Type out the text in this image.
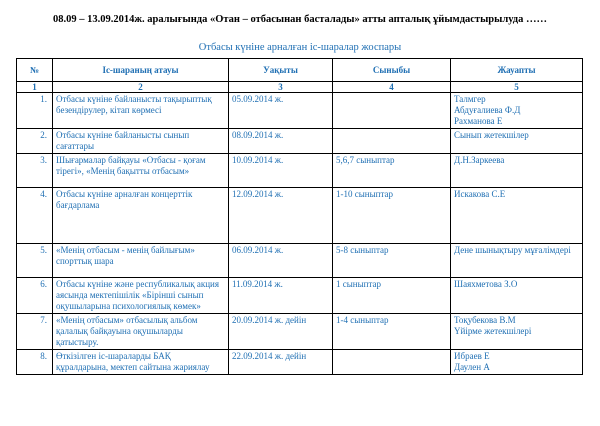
08.09 – 13.09.2014ж. аралығында «Отан – отбасынан басталады» атты апталық ұйымдастырылуда ……
Отбасы күніне арналған іс-шаралар жоспары
№	Іс-шараның атауы	Уақыты	Сыныбы	Жауапты
1	2	3	4	5
1.	Отбасы күніне байланысты тақырыптық безендірулер, кітап көрмесі	05.09.2014 ж.		Талмгер
Абдуғалиева Ф.Д
Рахманова Е
2.	Отбасы күніне байланысты сынып сағаттары	08.09.2014 ж.		Сынып жетекшілер
3.	Шығармалар байқауы «Отбасы - қоғам тірегі», «Менің бақытты отбасым»	10.09.2014 ж.	5,6,7 сыныптар	Д.Н.Заркеева
4.	Отбасы күніне арналған концерттік бағдарлама	12.09.2014 ж.	1-10 сыныптар	Искакова С.Е
5.	«Менің отбасым - менің байлығым» спорттық шара	06.09.2014 ж.	5-8 сыныптар	Дене шынықтыру мұғалімдері
6.	Отбасы күніне және республикалық акция аясында мектепішілік «Бірінші сынып оқушыларына психологиялық көмек»	11.09.2014 ж.	1 сыныптар	Шаяхметова З.О
7.	«Менің отбасым» отбасылық альбом қалалық байқауына оқушыларды қатыстыру.	20.09.2014 ж. дейін	1-4 сыныптар	Тоқубекова В.М
Үйірме жетекшілері
8.	Өткізілген іс-шараларды БАҚ құралдарына, мектеп сайтына жариялау	22.09.2014 ж. дейін		Ибраев Е
Даулен А
